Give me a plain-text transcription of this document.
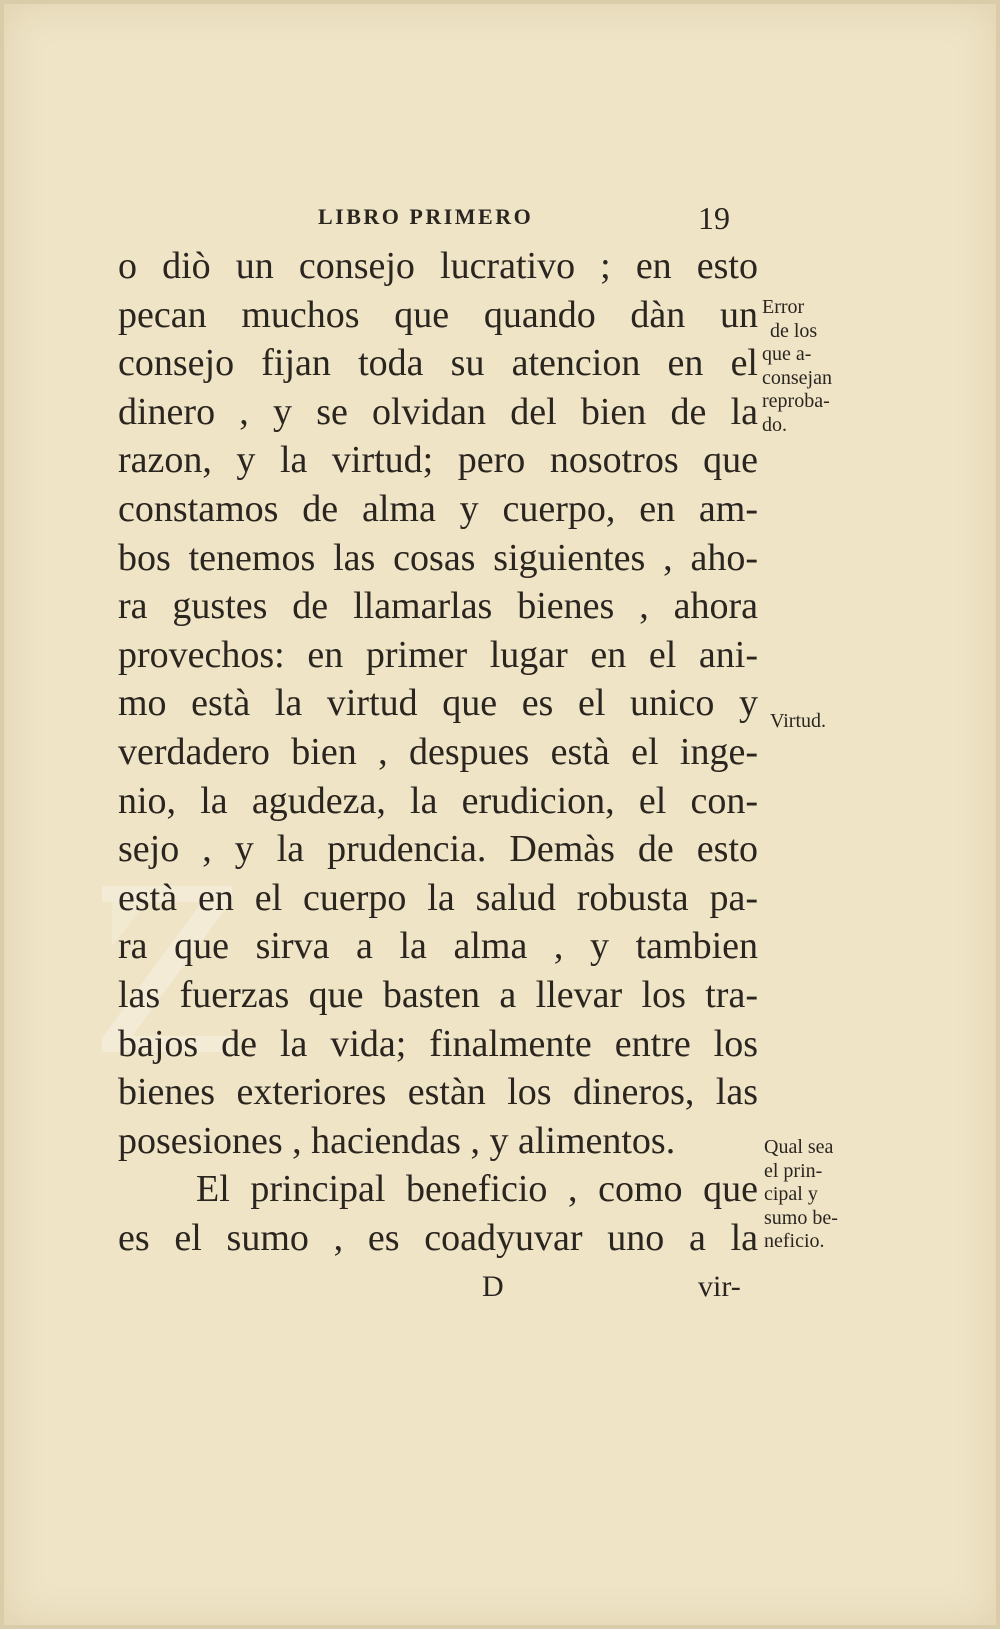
LIBRO PRIMERO	19
o diò un consejo lucrativo ; en esto
pecan muchos que quando dàn un
consejo fijan toda su atencion en el
dinero , y se olvidan del bien de la
razon, y la virtud; pero nosotros que
constamos de alma y cuerpo, en am-
bos tenemos las cosas siguientes , aho-
ra gustes de llamarlas bienes , ahora
provechos: en primer lugar en el ani-
mo està la virtud que es el unico y
verdadero bien , despues està el inge-
nio, la agudeza, la erudicion, el con-
sejo , y la prudencia. Demàs de esto
està en el cuerpo la salud robusta pa-
ra que sirva a la alma , y tambien
las fuerzas que basten a llevar los tra-
bajos de la vida; finalmente entre los
bienes exteriores estàn los dineros, las
posesiones , haciendas , y alimentos.
El principal beneficio , como que
es el sumo , es coadyuvar uno a la
Error
de los
que a-
consejan
reproba-
do.
Virtud.
Qual sea
el prin-
cipal y
sumo be-
neficio.
D	vir-
